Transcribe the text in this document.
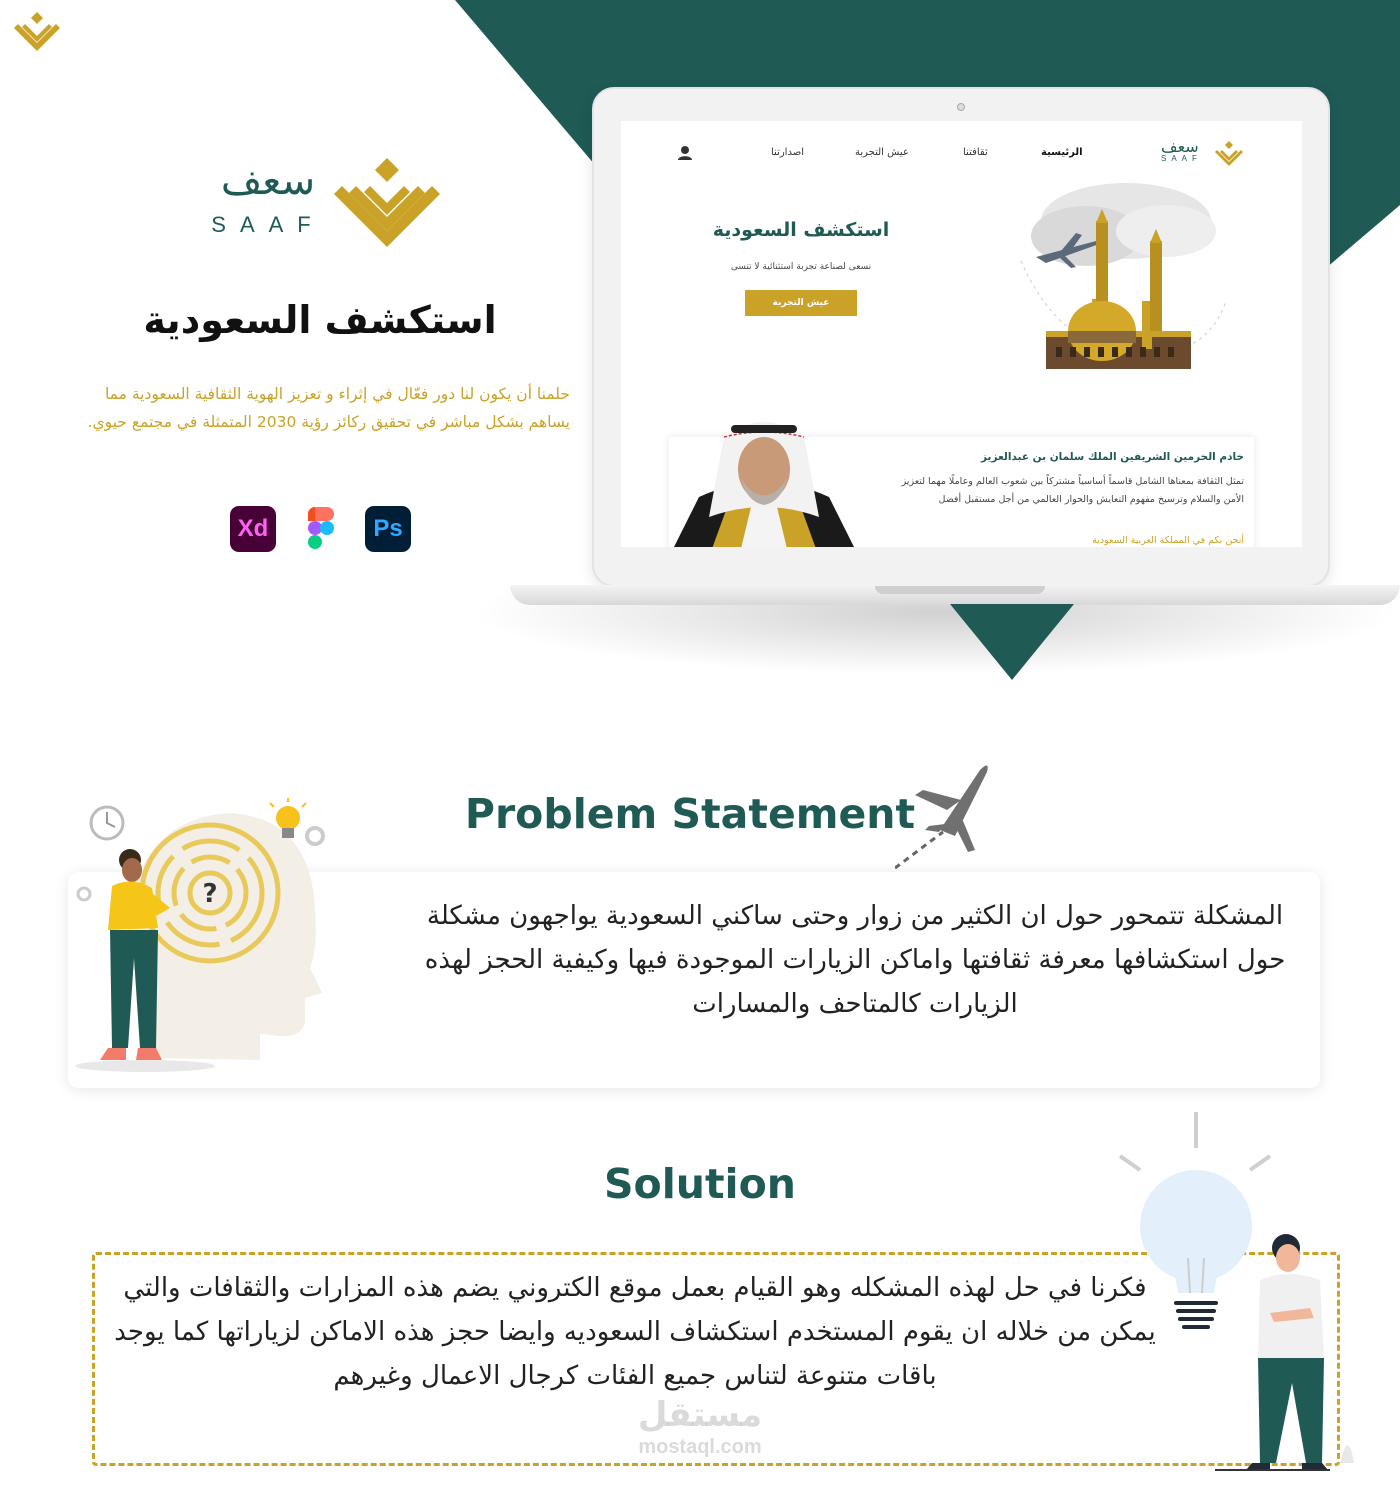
سعف
SAAF
استكشف السعودية
حلمنا أن يكون لنا دور فعّال في إثراء و تعزيز الهوية الثقافية السعودية مما يساهم بشكل مباشر في تحقيق ركائز رؤية 2030 المتمثلة في مجتمع حيوي.
Xd	Ps
سعف
SAAF
الرئيسية
ثقافتنا
عيش التجربة
اصدارتنا
استكشف السعودية
نسعى لصناعة تجربة استثنائية لا تنسى
عيش التجربة
خادم الحرمين الشريفين الملك سلمان بن عبدالعزيز
تمثل الثقافة بمعناها الشامل قاسماً أساسياً مشتركاً بين شعوب العالم وعاملًا مهما لتعزيز الأمن والسلام وترسيخ مفهوم التعايش والحوار العالمي من أجل مستقبل أفضل
أنحن بكم في المملكة العربية السعودية
Problem Statement
المشكلة تتمحور حول ان الكثير من زوار وحتى ساكني السعودية يواجهون مشكلة حول استكشافها معرفة ثقافتها واماكن الزيارات الموجودة فيها وكيفية الحجز لهذه الزيارات كالمتاحف والمسارات
?
Solution
فكرنا في حل لهذه المشكله وهو القيام بعمل موقع الكتروني يضم هذه المزارات والثقافات والتي يمكن من خلاله ان يقوم المستخدم استكشاف السعوديه وايضا حجز هذه الاماكن لزياراتها كما يوجد باقات متنوعة لتناس جميع الفئات كرجال الاعمال وغيرهم
مستقل
mostaql.com
